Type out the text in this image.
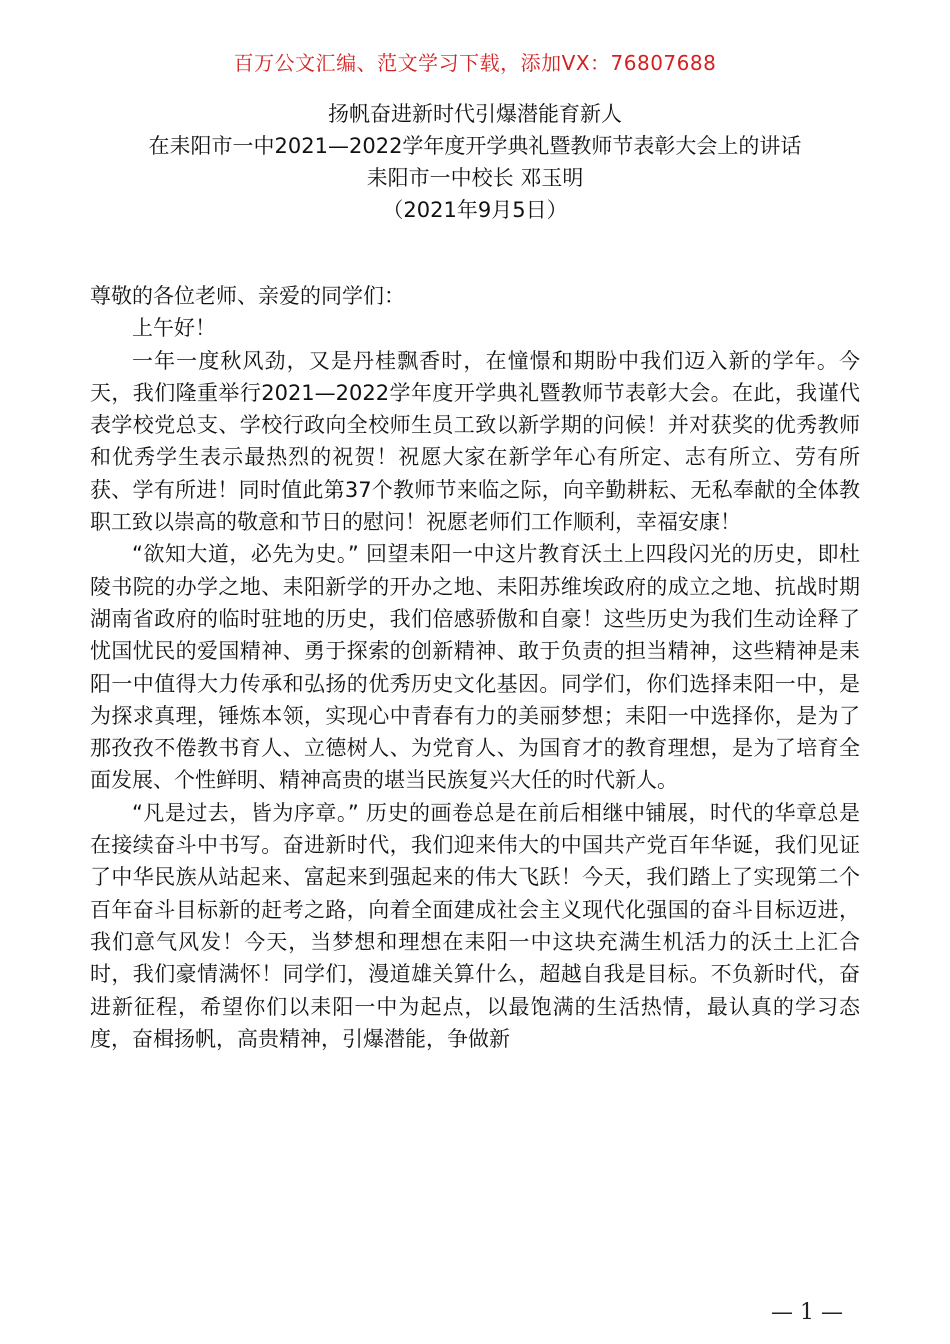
百万公文汇编、范文学习下载，添加VX：76807688
扬帆奋进新时代引爆潜能育新人
在耒阳市一中2021—2022学年度开学典礼暨教师节表彰大会上的讲话
耒阳市一中校长 邓玉明
（2021年9月5日）

尊敬的各位老师、亲爱的同学们：

上午好！

一年一度秋风劲，又是丹桂飘香时，在憧憬和期盼中我们迈入新的学年。今天，我们隆重举行2021—2022学年度开学典礼暨教师节表彰大会。在此，我谨代表学校党总支、学校行政向全校师生员工致以新学期的问候！并对获奖的优秀教师和优秀学生表示最热烈的祝贺！祝愿大家在新学年心有所定、志有所立、劳有所获、学有所进！同时值此第37个教师节来临之际，向辛勤耕耘、无私奉献的全体教职工致以崇高的敬意和节日的慰问！祝愿老师们工作顺利，幸福安康！

“欲知大道，必先为史。” 回望耒阳一中这片教育沃土上四段闪光的历史，即杜陵书院的办学之地、耒阳新学的开办之地、耒阳苏维埃政府的成立之地、抗战时期湖南省政府的临时驻地的历史，我们倍感骄傲和自豪！这些历史为我们生动诠释了忧国忧民的爱国精神、勇于探索的创新精神、敢于负责的担当精神，这些精神是耒阳一中值得大力传承和弘扬的优秀历史文化基因。同学们，你们选择耒阳一中，是为探求真理，锤炼本领，实现心中青春有力的美丽梦想；耒阳一中选择你，是为了那孜孜不倦教书育人、立德树人、为党育人、为国育才的教育理想，是为了培育全面发展、个性鲜明、精神高贵的堪当民族复兴大任的时代新人。

“凡是过去，皆为序章。” 历史的画卷总是在前后相继中铺展，时代的华章总是在接续奋斗中书写。奋进新时代，我们迎来伟大的中国共产党百年华诞，我们见证了中华民族从站起来、富起来到强起来的伟大飞跃！今天，我们踏上了实现第二个百年奋斗目标新的赶考之路，向着全面建成社会主义现代化强国的奋斗目标迈进，我们意气风发！今天，当梦想和理想在耒阳一中这块充满生机活力的沃土上汇合时，我们豪情满怀！同学们，漫道雄关算什么，超越自我是目标。不负新时代，奋进新征程，希望你们以耒阳一中为起点，以最饱满的生活热情，最认真的学习态度，奋楫扬帆，高贵精神，引爆潜能，争做新

— 1 —
